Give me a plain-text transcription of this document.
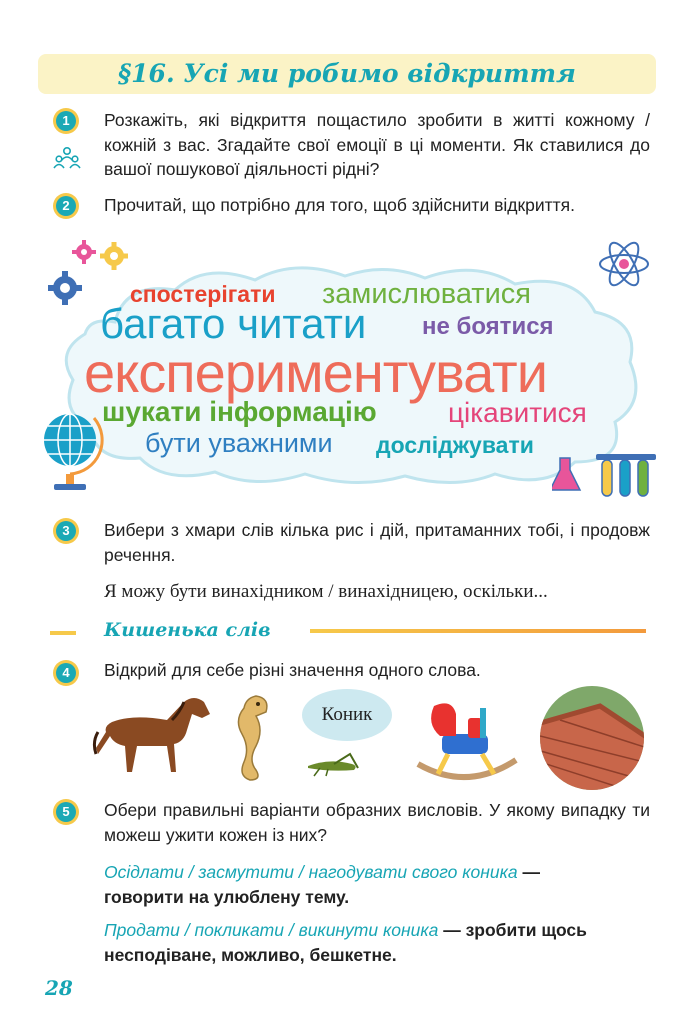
§16. Усі ми робимо відкриття
1	Розкажіть, які відкриття пощастило зробити в житті кожному / кожній з вас. Згадайте свої емоції в ці моменти. Як ставилися до вашої пошукової діяльності рідні?
2	Прочитай, що потрібно для того, щоб здійснити відкриття.
спостерігати замислюватися
багато читати не боятися
експериментувати
шукати інформацію	цікавитися
бути уважними досліджувати
3	Вибери з хмари слів кілька рис і дій, притаманних тобі, і продовж речення.
Я можу бути винахідником / винахідницею, оскільки...
Кишенька слів
4	Відкрий для себе різні значення одного слова.
Коник
5	Обери правильні варіанти образних висловів. У якому випадку ти можеш ужити кожен із них?
Осідлати / засмутити / нагодувати свого коника —
говорити на улюблену тему.
Продати / покликати / викинути коника — зробити щось несподіване, можливо, бешкетне.
28
